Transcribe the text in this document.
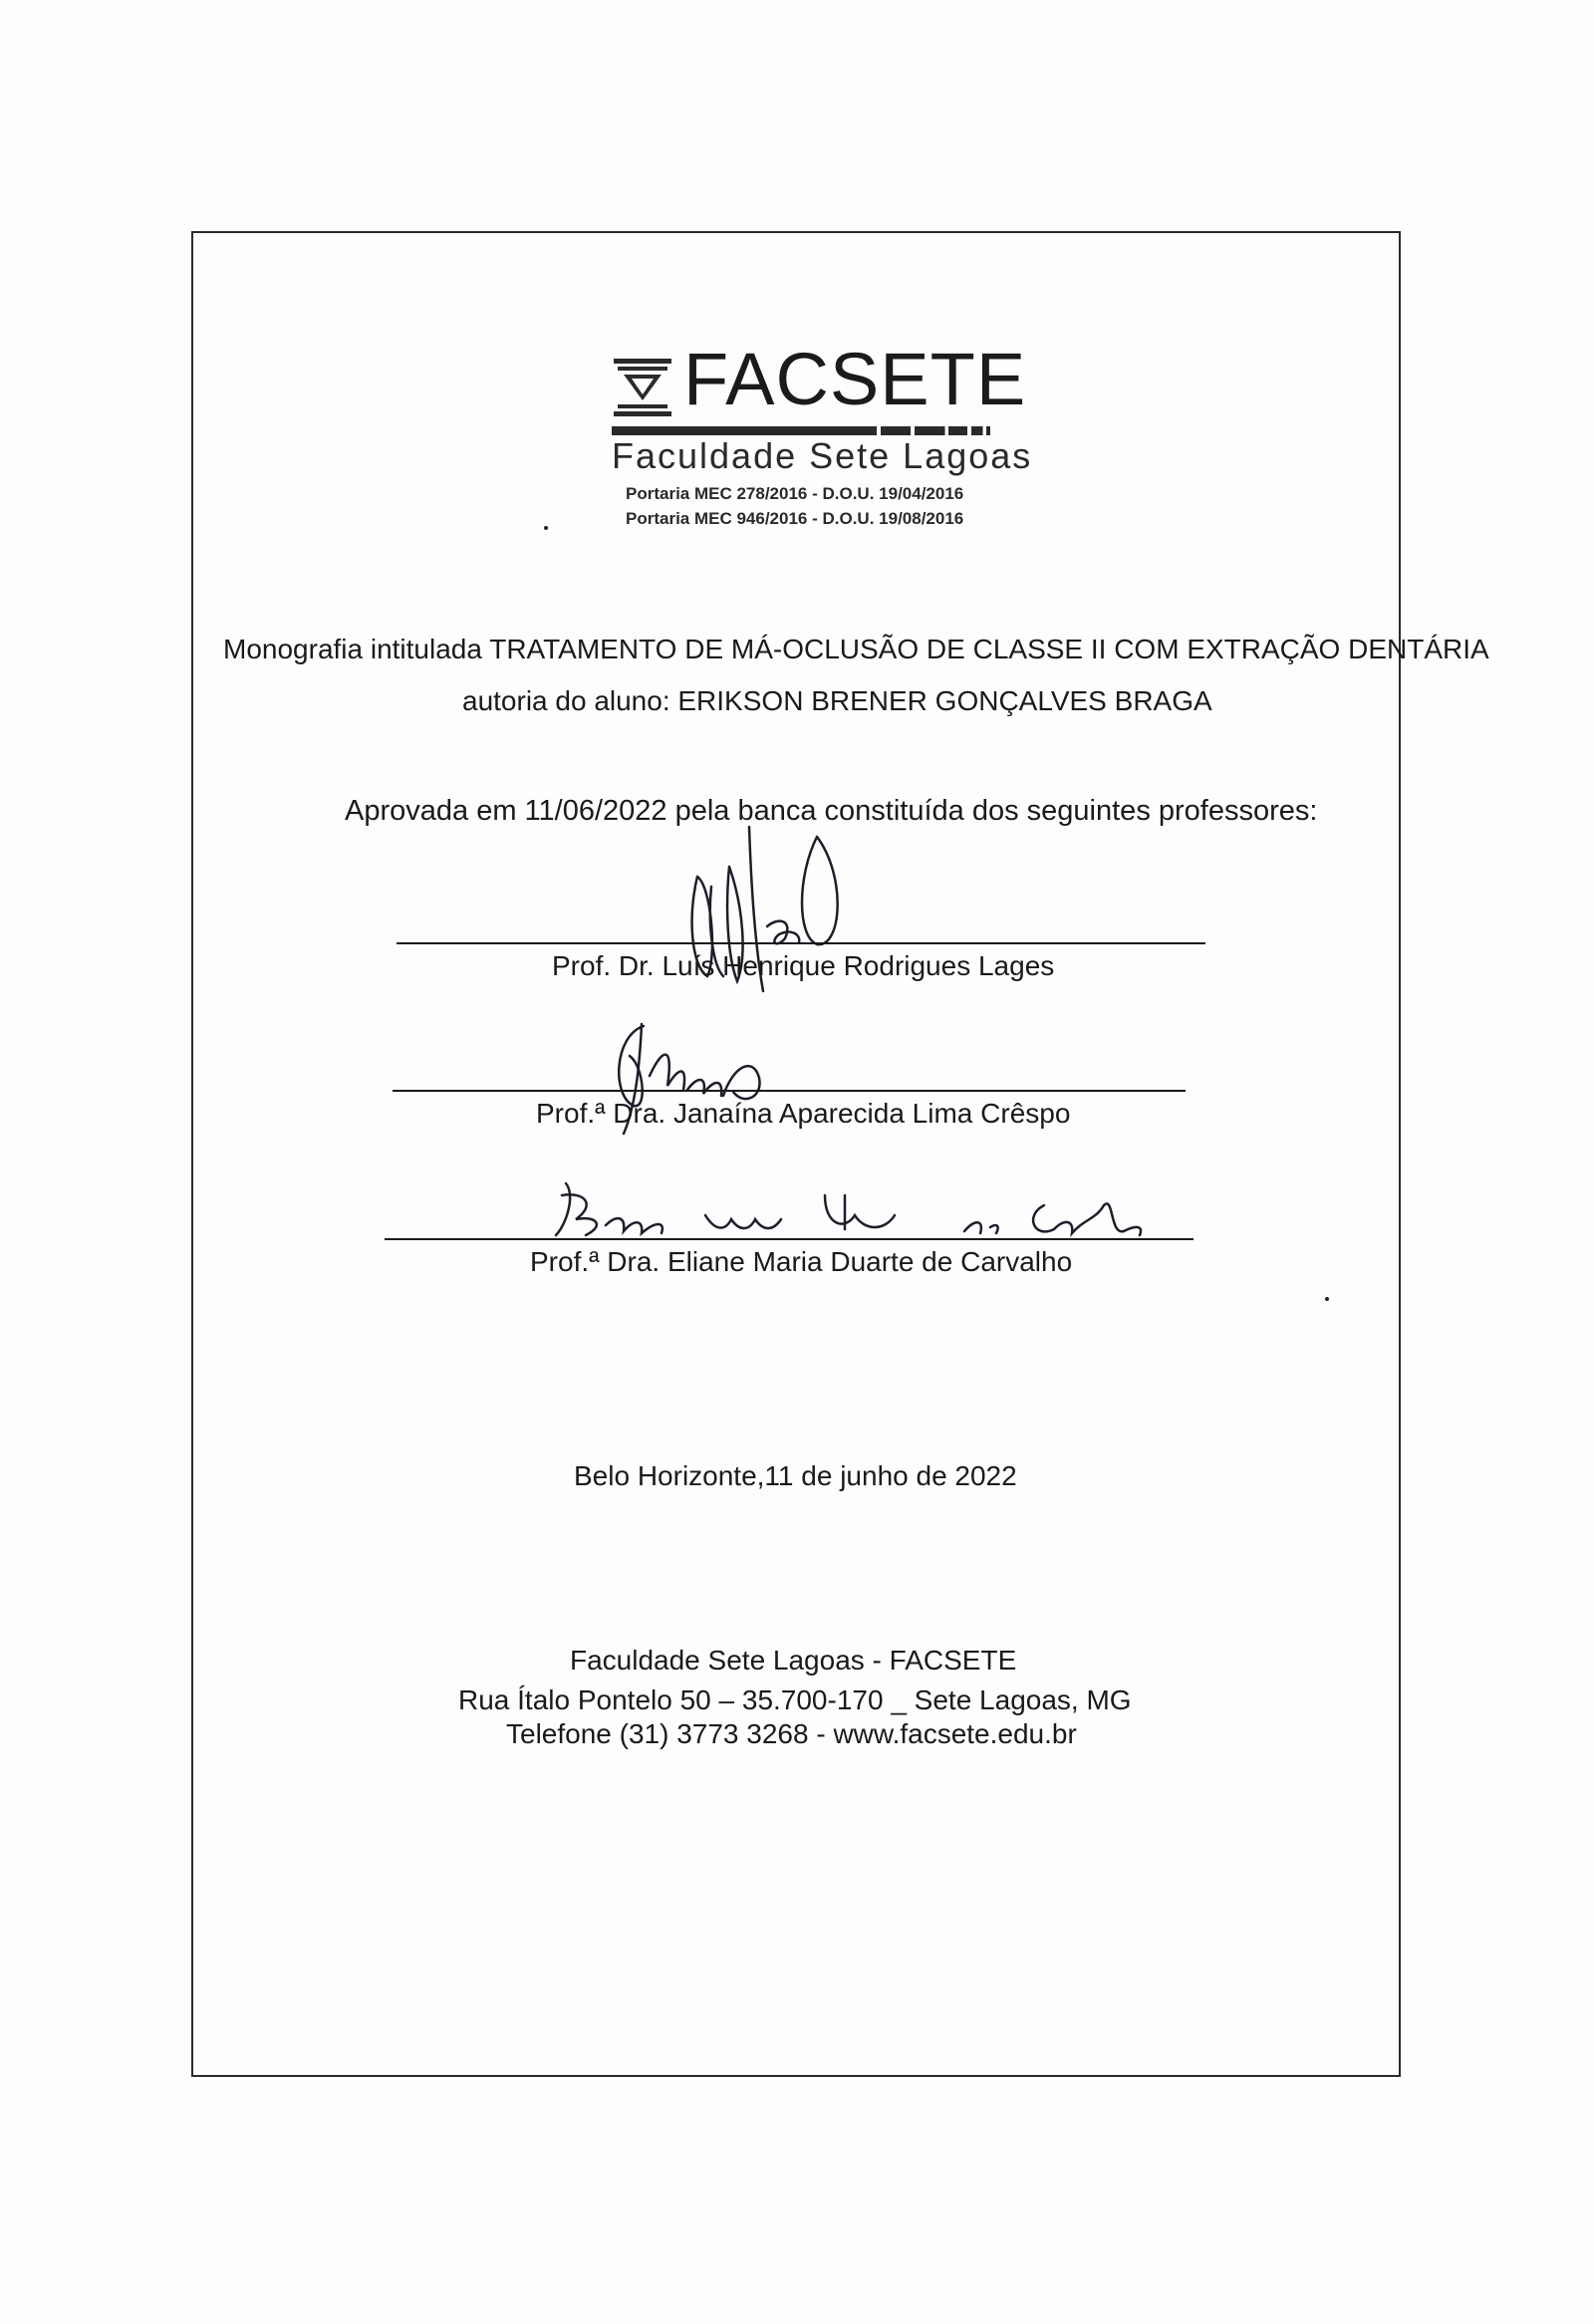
FACSETE
Faculdade Sete Lagoas
Portaria MEC 278/2016 - D.O.U. 19/04/2016
Portaria MEC 946/2016 - D.O.U. 19/08/2016
Monografia intitulada TRATAMENTO DE MÁ-OCLUSÃO DE CLASSE II COM EXTRAÇÃO DENTÁRIA
autoria do aluno: ERIKSON BRENER GONÇALVES BRAGA
Aprovada em 11/06/2022 pela banca constituída dos seguintes professores:
Prof. Dr. Luís Henrique Rodrigues Lages
Prof.ª Dra. Janaína Aparecida Lima Crêspo
Prof.ª Dra. Eliane Maria Duarte de Carvalho
Belo Horizonte,11 de junho de 2022
Faculdade Sete Lagoas - FACSETE
Rua Ítalo Pontelo 50 – 35.700-170 _ Sete Lagoas, MG
Telefone (31) 3773 3268 - www.facsete.edu.br
